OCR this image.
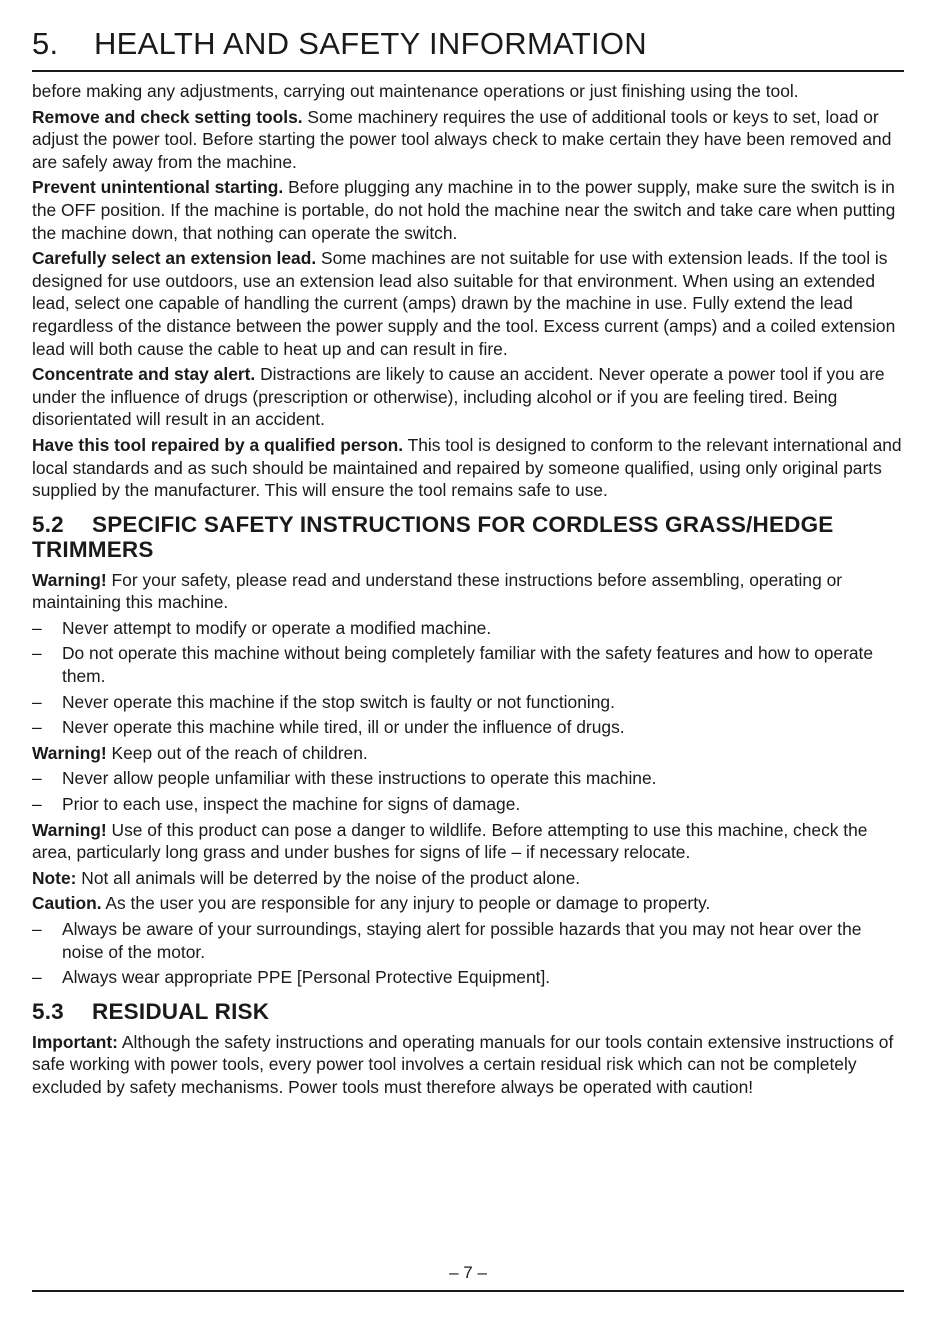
5. HEALTH AND SAFETY INFORMATION

before making any adjustments, carrying out maintenance operations or just finishing using the tool.

Remove and check setting tools. Some machinery requires the use of additional tools or keys to set, load or adjust the power tool. Before starting the power tool always check to make certain they have been removed and are safely away from the machine.

Prevent unintentional starting. Before plugging any machine in to the power supply, make sure the switch is in the OFF position. If the machine is portable, do not hold the machine near the switch and take care when putting the machine down, that nothing can operate the switch.

Carefully select an extension lead. Some machines are not suitable for use with extension leads. If the tool is designed for use outdoors, use an extension lead also suitable for that environment. When using an extended lead, select one capable of handling the current (amps) drawn by the machine in use. Fully extend the lead regardless of the distance between the power supply and the tool. Excess current (amps) and a coiled extension lead will both cause the cable to heat up and can result in fire.

Concentrate and stay alert. Distractions are likely to cause an accident. Never operate a power tool if you are under the influence of drugs (prescription or otherwise), including alcohol or if you are feeling tired. Being disorientated will result in an accident.

Have this tool repaired by a qualified person. This tool is designed to conform to the relevant international and local standards and as such should be maintained and repaired by someone qualified, using only original parts supplied by the manufacturer. This will ensure the tool remains safe to use.

5.2 SPECIFIC SAFETY INSTRUCTIONS FOR CORDLESS GRASS/HEDGE TRIMMERS

Warning! For your safety, please read and understand these instructions before assembling, operating or maintaining this machine.

– Never attempt to modify or operate a modified machine.
– Do not operate this machine without being completely familiar with the safety features and how to operate them.
– Never operate this machine if the stop switch is faulty or not functioning.
– Never operate this machine while tired, ill or under the influence of drugs.

Warning! Keep out of the reach of children.

– Never allow people unfamiliar with these instructions to operate this machine.
– Prior to each use, inspect the machine for signs of damage.

Warning! Use of this product can pose a danger to wildlife. Before attempting to use this machine, check the area, particularly long grass and under bushes for signs of life – if necessary relocate.

Note: Not all animals will be deterred by the noise of the product alone.

Caution. As the user you are responsible for any injury to people or damage to property.

– Always be aware of your surroundings, staying alert for possible hazards that you may not hear over the noise of the motor.
– Always wear appropriate PPE [Personal Protective Equipment].
5.3 RESIDUAL RISK

Important: Although the safety instructions and operating manuals for our tools contain extensive instructions of safe working with power tools, every power tool involves a certain residual risk which can not be completely excluded by safety mechanisms. Power tools must therefore always be operated with caution!

– 7 –
